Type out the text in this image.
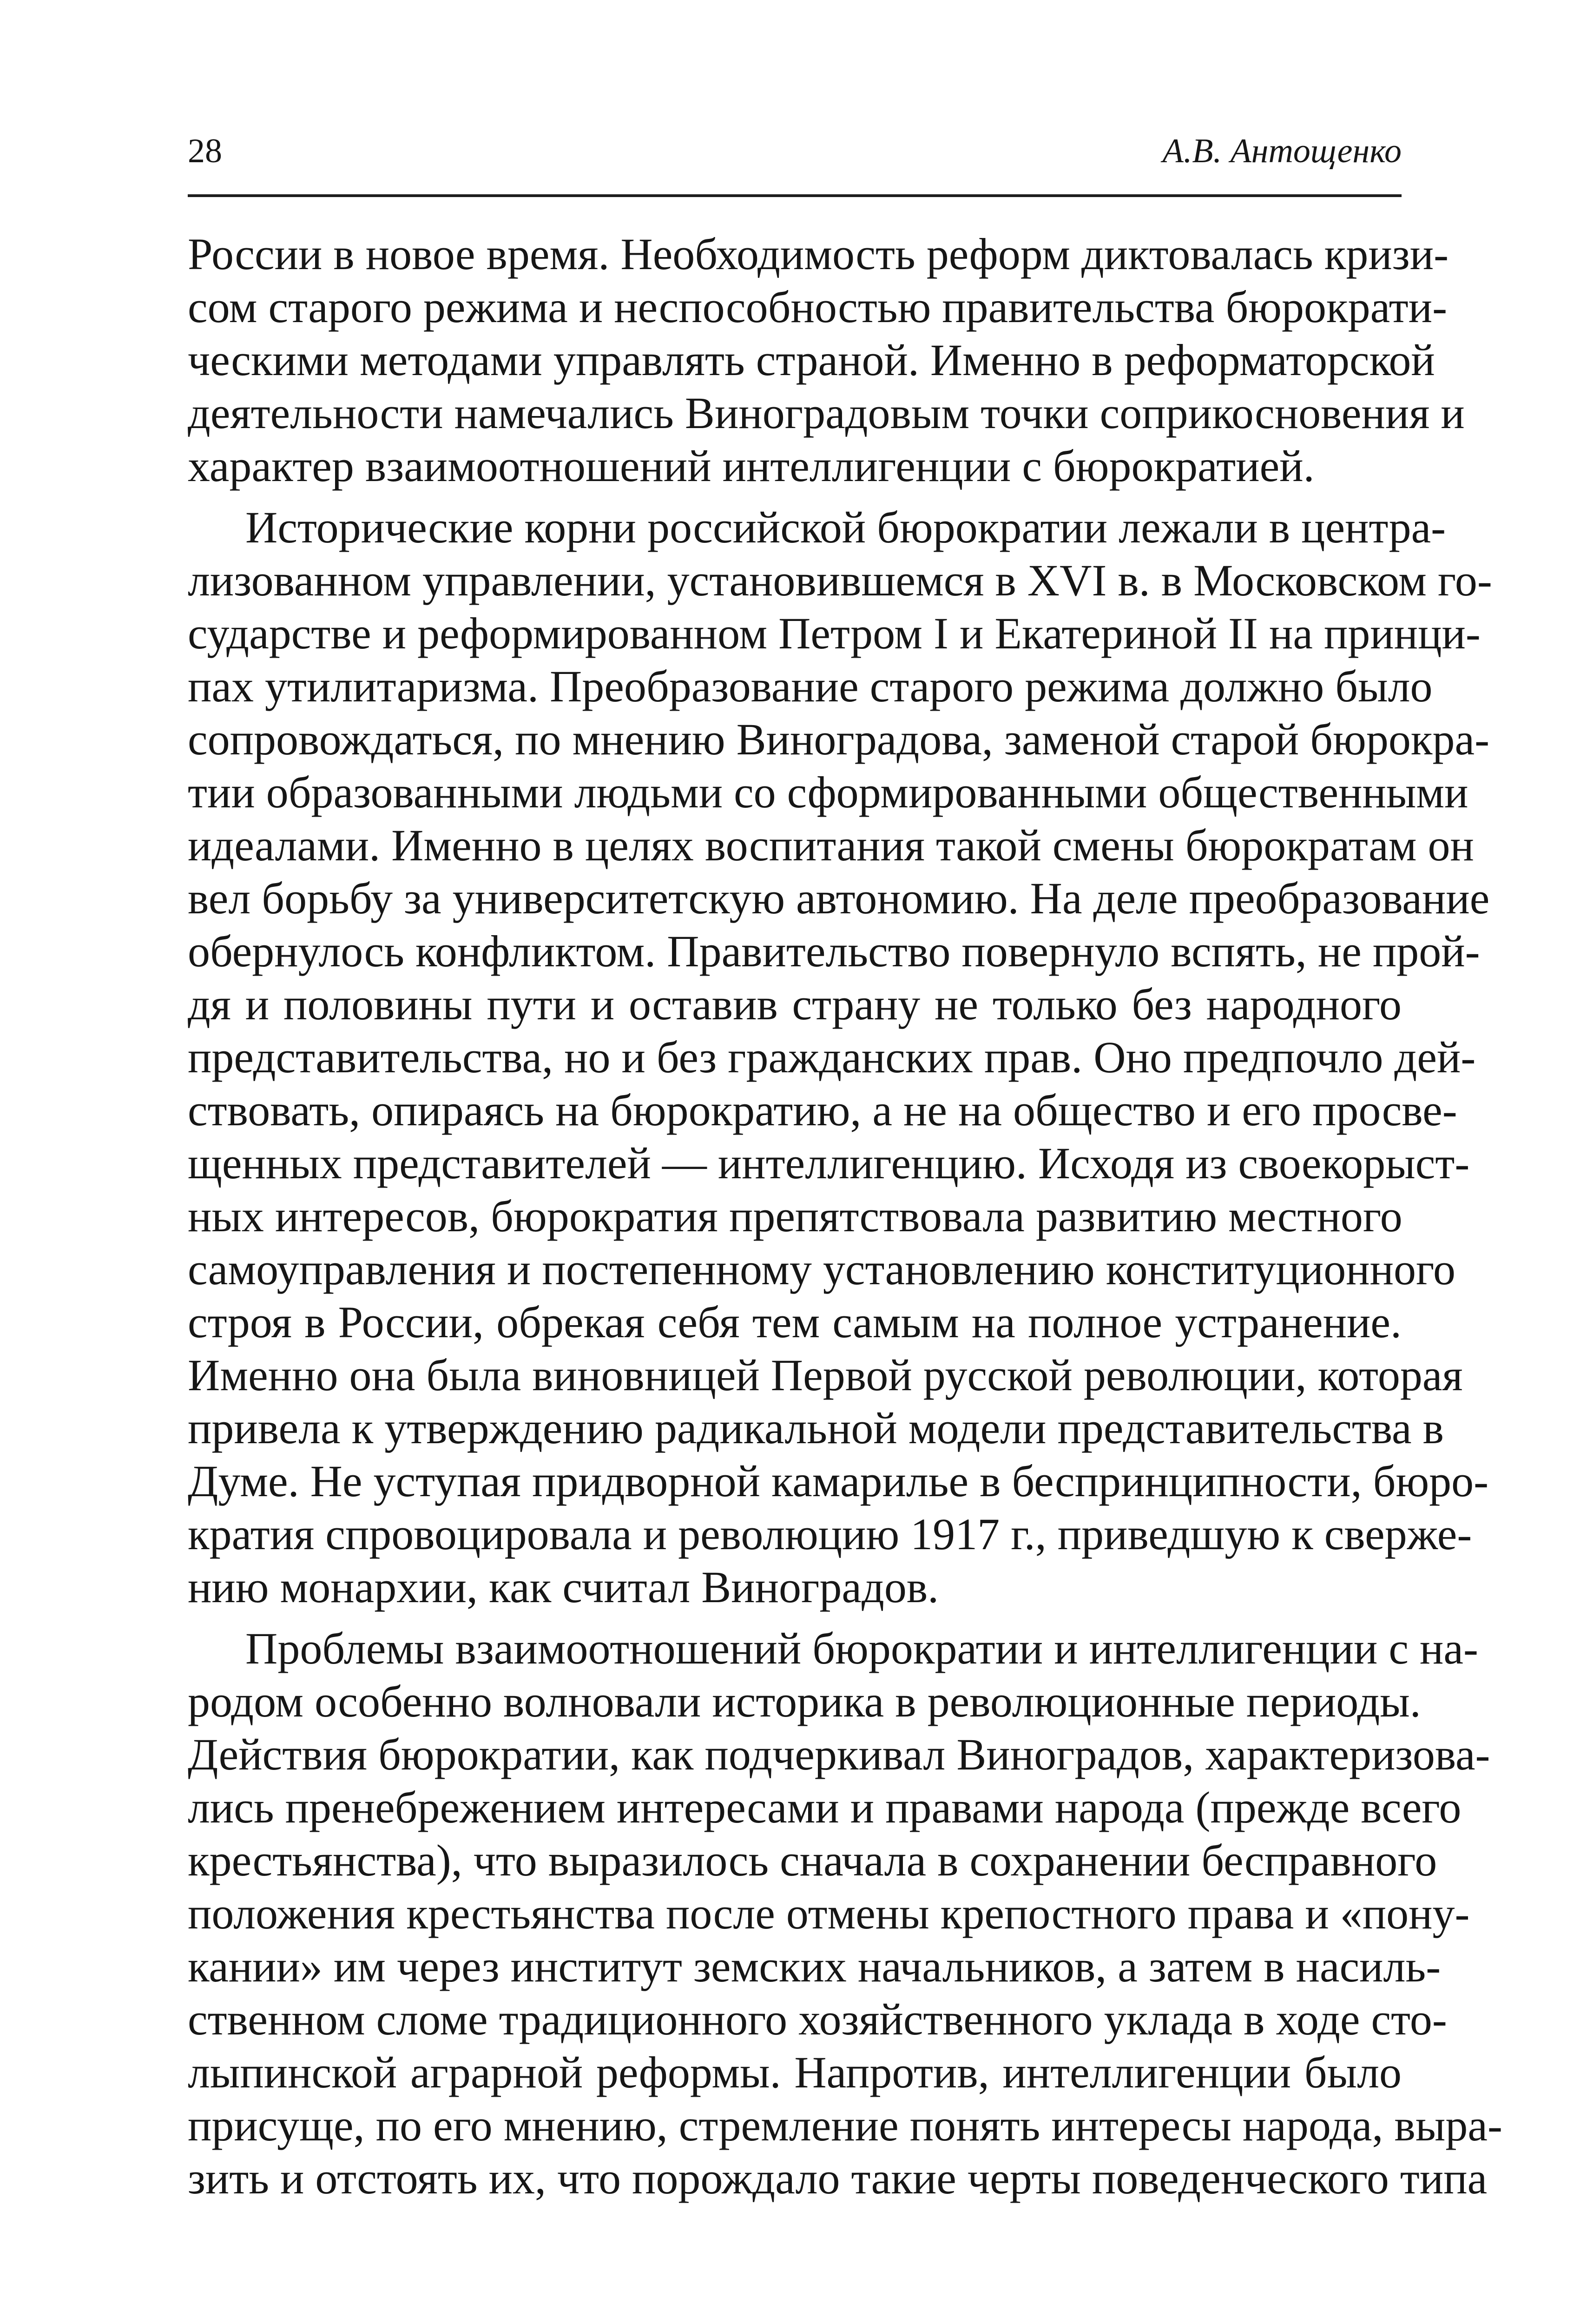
28	А.В. Антощенко
России в новое время. Необходимость реформ диктовалась кризи-
сом старого режима и неспособностью правительства бюрократи-
ческими методами управлять страной. Именно в реформаторской
деятельности намечались Виноградовым точки соприкосновения и
характер взаимоотношений интеллигенции с бюрократией.
Исторические корни российской бюрократии лежали в центра-
лизованном управлении, установившемся в XVI в. в Московском го-
сударстве и реформированном Петром I и Екатериной II на принци-
пах утилитаризма. Преобразование старого режима должно было
сопровождаться, по мнению Виноградова, заменой старой бюрокра-
тии образованными людьми со сформированными общественными
идеалами. Именно в целях воспитания такой смены бюрократам он
вел борьбу за университетскую автономию. На деле преобразование
обернулось конфликтом. Правительство повернуло вспять, не прой-
дя и половины пути и оставив страну не только без народного
представительства, но и без гражданских прав. Оно предпочло дей-
ствовать, опираясь на бюрократию, а не на общество и его просве-
щенных представителей — интеллигенцию. Исходя из своекорыст-
ных интересов, бюрократия препятствовала развитию местного
самоуправления и постепенному установлению конституционного
строя в России, обрекая себя тем самым на полное устранение.
Именно она была виновницей Первой русской революции, которая
привела к утверждению радикальной модели представительства в
Думе. Не уступая придворной камарилье в беспринципности, бюро-
кратия спровоцировала и революцию 1917 г., приведшую к сверже-
нию монархии, как считал Виноградов.
Проблемы взаимоотношений бюрократии и интеллигенции с на-
родом особенно волновали историка в революционные периоды.
Действия бюрократии, как подчеркивал Виноградов, характеризова-
лись пренебрежением интересами и правами народа (прежде всего
крестьянства), что выразилось сначала в сохранении бесправного
положения крестьянства после отмены крепостного права и «пону-
кании» им через институт земских начальников, а затем в насиль-
ственном сломе традиционного хозяйственного уклада в ходе сто-
лыпинской аграрной реформы. Напротив, интеллигенции было
присуще, по его мнению, стремление понять интересы народа, выра-
зить и отстоять их, что порождало такие черты поведенческого типа
